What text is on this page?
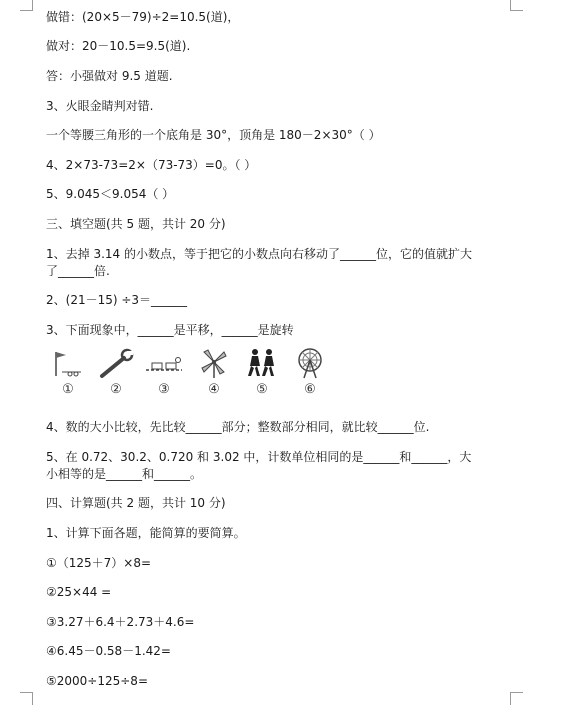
做错：(20×5－79)÷2=10.5(道)，
做对：20－10.5=9.5(道).
答：小强做对 9.5 道题.
3、火眼金睛判对错.
一个等腰三角形的一个底角是 30°，顶角是 180－2×30°（ ）
4、2×73-73=2×（73-73）=0。（ ）
5、9.045＜9.054（ ）
三、填空题(共 5 题，共计 20 分)
1、去掉 3.14 的小数点，等于把它的小数点向右移动了______位，它的值就扩大
了______倍.
2、(21－15) ÷3＝______
3、下面现象中，______是平移，______是旋转
①	②	③	④	⑤	⑥
4、数的大小比较，先比较______部分；整数部分相同，就比较______位.
5、在 0.72、30.2、0.720 和 3.02 中，计数单位相同的是______和______，大
小相等的是______和______。
四、计算题(共 2 题，共计 10 分)
1、计算下面各题，能简算的要简算。
①（125＋7）×8=
②25×44 =
③3.27＋6.4＋2.73＋4.6=
④6.45－0.58－1.42=
⑤2000÷125÷8=
